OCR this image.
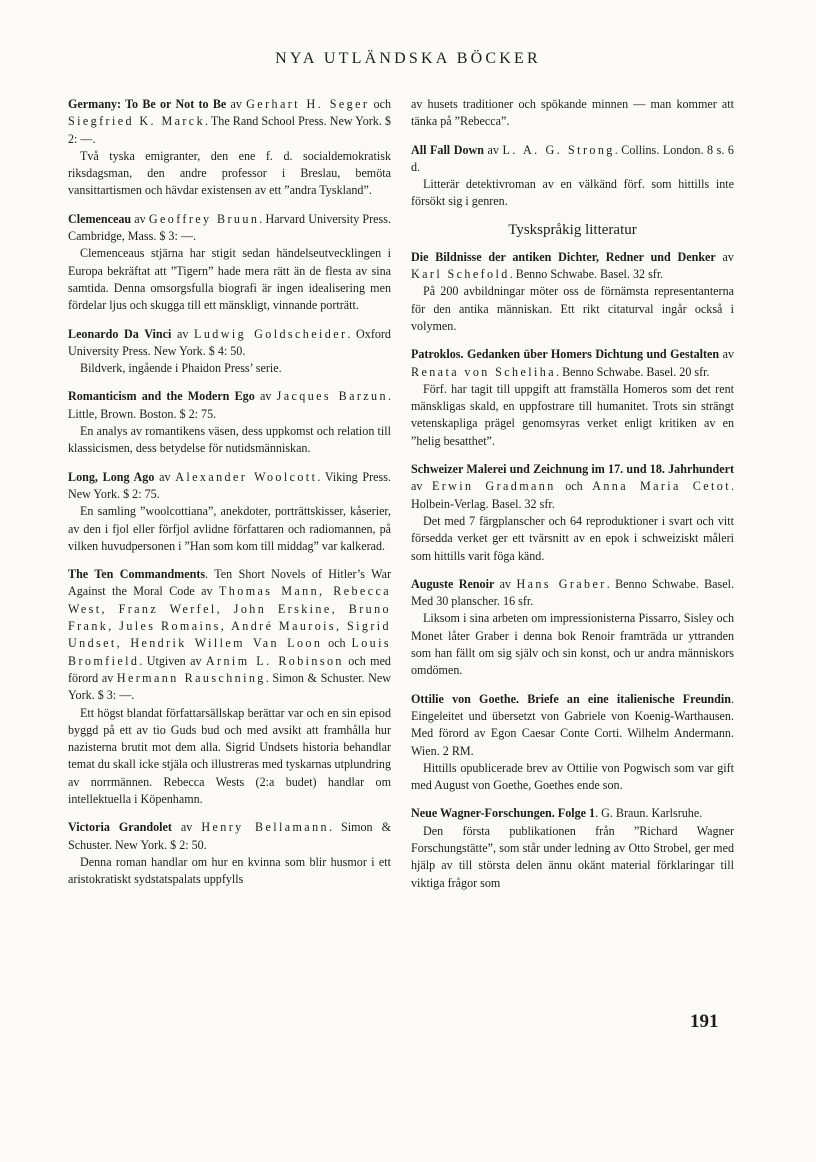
NYA UTLÄNDSKA BÖCKER

Germany: To Be or Not to Be av Gerhart H. Seger och Siegfried K. Marck. The Rand School Press. New York. $ 2: —.

Två tyska emigranter, den ene f. d. socialdemokratisk riksdagsman, den andre professor i Breslau, bemöta vansittartismen och hävdar existensen av ett ”andra Tyskland”.

Clemenceau av Geoffrey Bruun. Harvard University Press. Cambridge, Mass. $ 3: —.

Clemenceaus stjärna har stigit sedan händelseutvecklingen i Europa bekräftat att ”Tigern” hade mera rätt än de flesta av sina samtida. Denna omsorgsfulla biografi är ingen idealisering men fördelar ljus och skugga till ett mänskligt, vinnande porträtt.

Leonardo Da Vinci av Ludwig Goldscheider. Oxford University Press. New York. $ 4: 50.

Bildverk, ingående i Phaidon Press’ serie.

Romanticism and the Modern Ego av Jacques Barzun. Little, Brown. Boston. $ 2: 75.

En analys av romantikens väsen, dess uppkomst och relation till klassicismen, dess betydelse för nutidsmänniskan.

Long, Long Ago av Alexander Woolcott. Viking Press. New York. $ 2: 75.

En samling ”woolcottiana”, anekdoter, porträttskisser, kåserier, av den i fjol eller förfjol avlidne författaren och radiomannen, på vilken huvudpersonen i ”Han som kom till middag” var kalkerad.

The Ten Commandments. Ten Short Novels of Hitler’s War Against the Moral Code av Thomas Mann, Rebecca West, Franz Werfel, John Erskine, Bruno Frank, Jules Romains, André Maurois, Sigrid Undset, Hendrik Willem Van Loon och Louis Bromfield. Utgiven av Arnim L. Robinson och med förord av Hermann Rauschning. Simon & Schuster. New York. $ 3: —.

Ett högst blandat författarsällskap berättar var och en sin episod byggd på ett av tio Guds bud och med avsikt att framhålla hur nazisterna brutit mot dem alla. Sigrid Undsets historia behandlar temat du skall icke stjäla och illustreras med tyskarnas utplundring av norrmännen. Rebecca Wests (2:a budet) handlar om intellektuella i Köpenhamn.

Victoria Grandolet av Henry Bellamann. Simon & Schuster. New York. $ 2: 50.

Denna roman handlar om hur en kvinna som blir husmor i ett aristokratiskt sydstatspalats uppfylls

av husets traditioner och spökande minnen — man kommer att tänka på ”Rebecca”.

All Fall Down av L. A. G. Strong. Collins. London. 8 s. 6 d.

Litterär detektivroman av en välkänd förf. som hittills inte försökt sig i genren.

Tyskspråkig litteratur

Die Bildnisse der antiken Dichter, Redner und Denker av Karl Schefold. Benno Schwabe. Basel. 32 sfr.

På 200 avbildningar möter oss de förnämsta representanterna för den antika människan. Ett rikt citaturval ingår också i volymen.

Patroklos. Gedanken über Homers Dichtung und Gestalten av Renata von Scheliha. Benno Schwabe. Basel. 20 sfr.

Förf. har tagit till uppgift att framställa Homeros som det rent mänskligas skald, en uppfostrare till humanitet. Trots sin strängt vetenskapliga prägel genomsyras verket enligt kritiken av en ”helig besatthet”.

Schweizer Malerei und Zeichnung im 17. und 18. Jahrhundert av Erwin Gradmann och Anna Maria Cetot. Holbein-Verlag. Basel. 32 sfr.

Det med 7 färgplanscher och 64 reproduktioner i svart och vitt försedda verket ger ett tvärsnitt av en epok i schweiziskt måleri som hittills varit föga känd.

Auguste Renoir av Hans Graber. Benno Schwabe. Basel. Med 30 planscher. 16 sfr.

Liksom i sina arbeten om impressionisterna Pissarro, Sisley och Monet låter Graber i denna bok Renoir framträda ur yttranden som han fällt om sig själv och sin konst, och ur andra människors omdömen.

Ottilie von Goethe. Briefe an eine italienische Freundin. Eingeleitet und übersetzt von Gabriele von Koenig-Warthausen. Med förord av Egon Caesar Conte Corti. Wilhelm Andermann. Wien. 2 RM.

Hittills opublicerade brev av Ottilie von Pogwisch som var gift med August von Goethe, Goethes ende son.

Neue Wagner-Forschungen. Folge 1. G. Braun. Karlsruhe.

Den första publikationen från ”Richard Wagner Forschungstätte”, som står under ledning av Otto Strobel, ger med hjälp av till största delen ännu okänt material förklaringar till viktiga frågor som

191
